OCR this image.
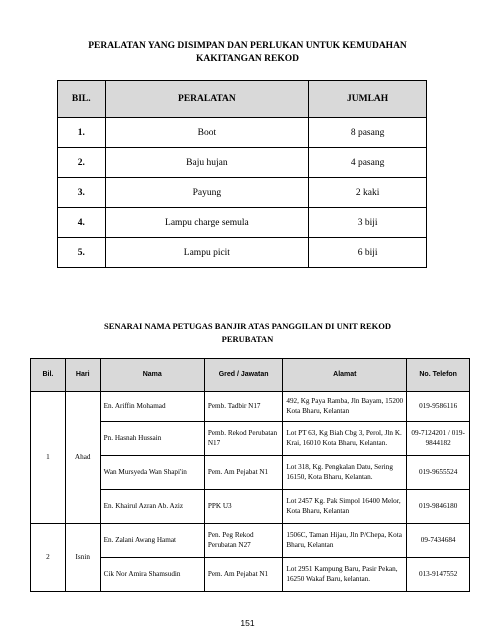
PERALATAN YANG DISIMPAN DAN PERLUKAN UNTUK KEMUDAHAN
KAKITANGAN REKOD
BIL.	PERALATAN	JUMLAH
1.	Boot	8 pasang
2.	Baju hujan	4 pasang
3.	Payung	2 kaki
4.	Lampu charge semula	3 biji
5.	Lampu picit	6 biji
SENARAI NAMA PETUGAS BANJIR ATAS PANGGILAN DI UNIT REKOD
PERUBATAN
Bil.	Hari	Nama	Gred / Jawatan	Alamat	No. Telefon
1	Ahad	En. Ariffin Mohamad	Pemb. Tadbir N17	492, Kg Paya Ramba, Jln Bayam, 15200 Kota Bharu, Kelantan	019-9586116
		Pn. Hasnah Hussain	Pemb. Rekod Perubatan N17	Lot PT 63, Kg Biah Cbg 3, Perol, Jln K. Krai, 16010 Kota Bharu, Kelantan.	09-7124201 / 019-9844182
		Wan Mursyeda Wan Shapi'in	Pem. Am Pejabat N1	Lot 318, Kg. Pengkalan Datu, Sering 16150, Kota Bharu, Kelantan.	019-9655524
		En. Khairul Azran Ab. Aziz	PPK U3	Lot 2457 Kg. Pak Simpol 16400 Melor, Kota Bharu, Kelantan	019-9846180
2	Isnin	En. Zalani Awang Hamat	Pen. Peg Rekod Perubatan N27	1506C, Taman Hijau, Jln P/Chepa, Kota Bharu, Kelantan	09-7434684
		Cik Nor Amira Shamsudin	Pem. Am Pejabat N1	Lot 2951 Kampung Baru, Pasir Pekan, 16250 Wakaf Baru, kelantan.	013-9147552
151
